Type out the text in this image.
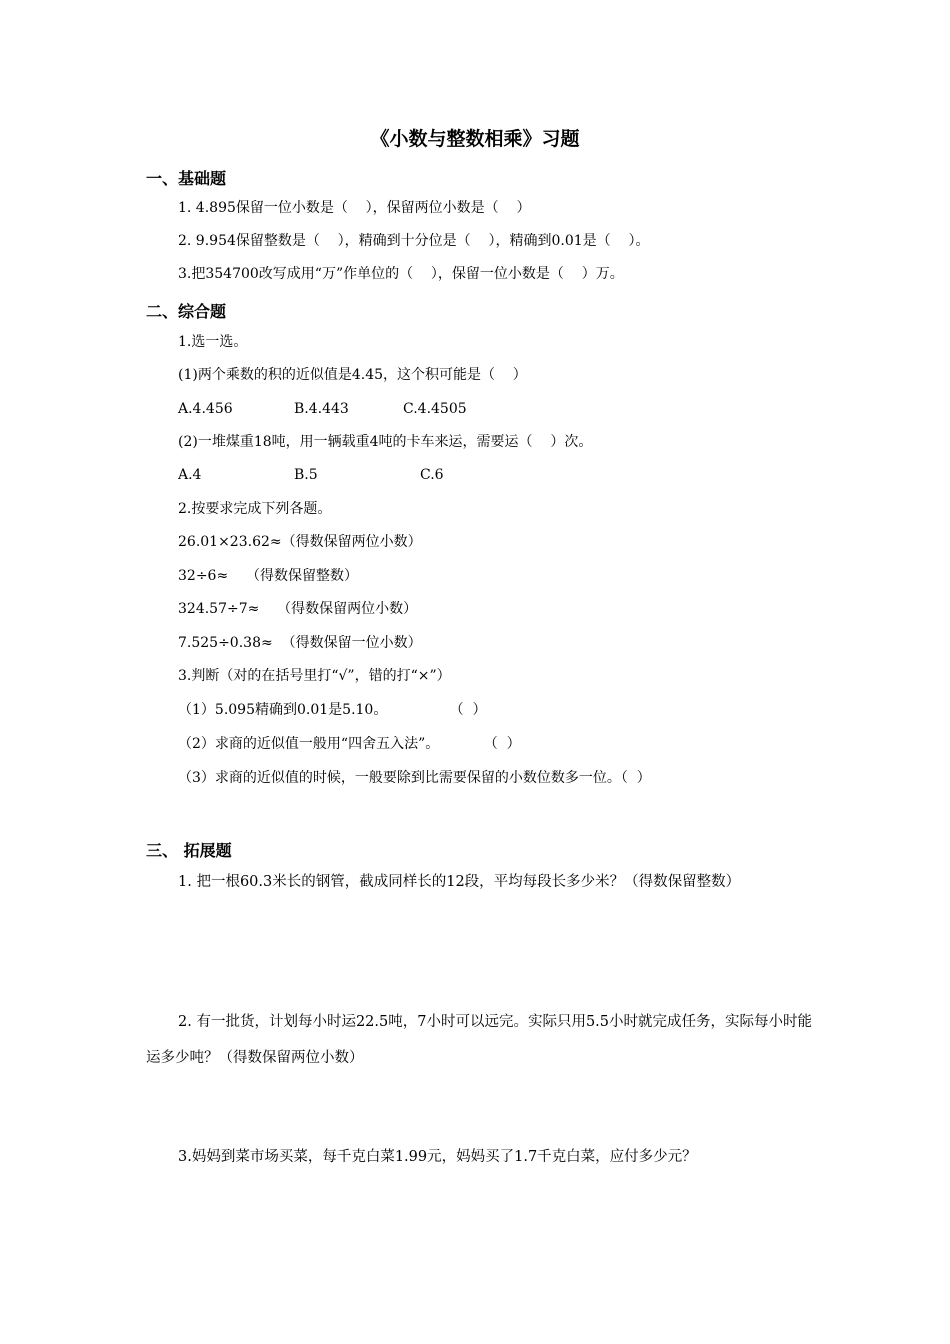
《小数与整数相乘》习题
一、基础题
1. 4.895保留一位小数是（    ），保留两位小数是（    ）
2. 9.954保留整数是（    ），精确到十分位是（    ），精确到0.01是（    ）。
3.把354700改写成用“万”作单位的（    ），保留一位小数是（    ）万。
二、综合题
1.选一选。
(1)两个乘数的积的近似值是4.45，这个积可能是（    ）
A.4.456	B.4.443	C.4.4505
(2)一堆煤重18吨，用一辆载重4吨的卡车来运，需要运（    ）次。
A.4	B.5	C.6
2.按要求完成下列各题。
26.01×23.62≈（得数保留两位小数）
32÷6≈    （得数保留整数）
324.57÷7≈    （得数保留两位小数）
7.525÷0.38≈  （得数保留一位小数）
3.判断（对的在括号里打“√”，错的打“×”）
（1）5.095精确到0.01是5.10。              （  ）
（2）求商的近似值一般用“四舍五入法”。          （  ）
（3）求商的近似值的时候，一般要除到比需要保留的小数位数多一位。（  ）
三、 拓展题
1. 把一根60.3米长的钢管，截成同样长的12段，平均每段长多少米？（得数保留整数）
2. 有一批货，计划每小时运22.5吨，7小时可以远完。实际只用5.5小时就完成任务，实际每小时能运多少吨？（得数保留两位小数）
3.妈妈到菜市场买菜，每千克白菜1.99元，妈妈买了1.7千克白菜，应付多少元？
